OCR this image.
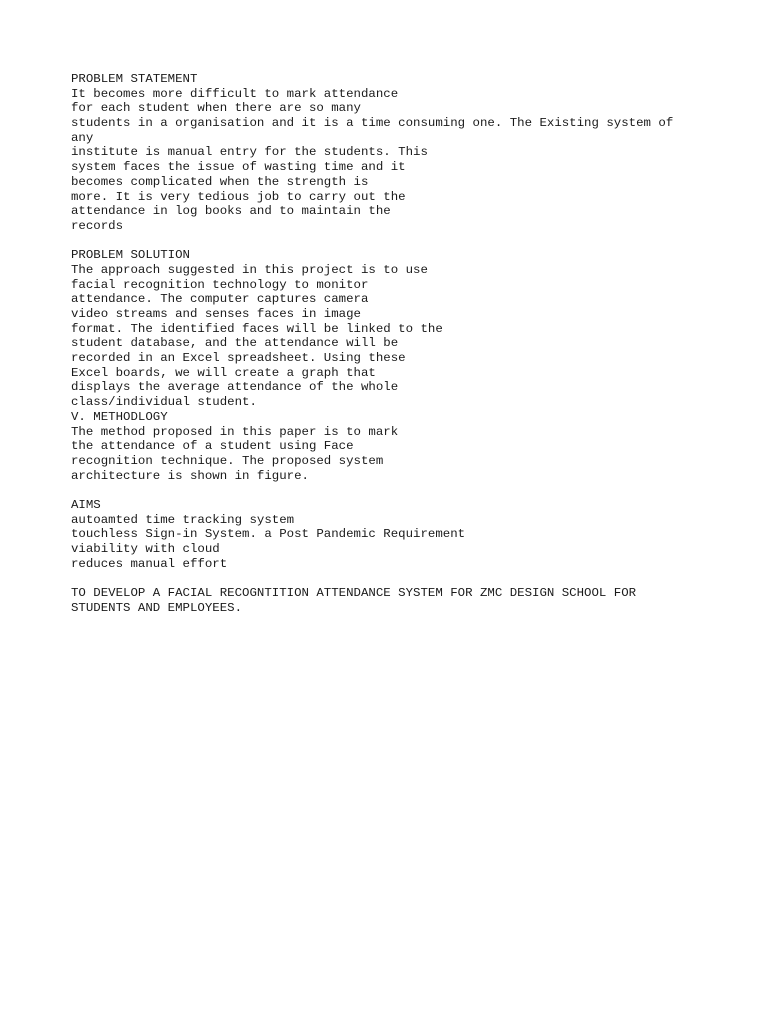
PROBLEM STATEMENT
It becomes more difficult to mark attendance
for each student when there are so many
students in a organisation and it is a time consuming one. The Existing system of
any
institute is manual entry for the students. This
system faces the issue of wasting time and it
becomes complicated when the strength is
more. It is very tedious job to carry out the
attendance in log books and to maintain the
records
PROBLEM SOLUTION
The approach suggested in this project is to use
facial recognition technology to monitor
attendance. The computer captures camera
video streams and senses faces in image
format. The identified faces will be linked to the
student database, and the attendance will be
recorded in an Excel spreadsheet. Using these
Excel boards, we will create a graph that
displays the average attendance of the whole
class/individual student.
V. METHODLOGY
The method proposed in this paper is to mark
the attendance of a student using Face
recognition technique. The proposed system
architecture is shown in figure.
AIMS
autoamted time tracking system
touchless Sign-in System. a Post Pandemic Requirement
viability with cloud
reduces manual effort
TO DEVELOP A FACIAL RECOGNTITION ATTENDANCE SYSTEM FOR ZMC DESIGN SCHOOL FOR
STUDENTS AND EMPLOYEES.
